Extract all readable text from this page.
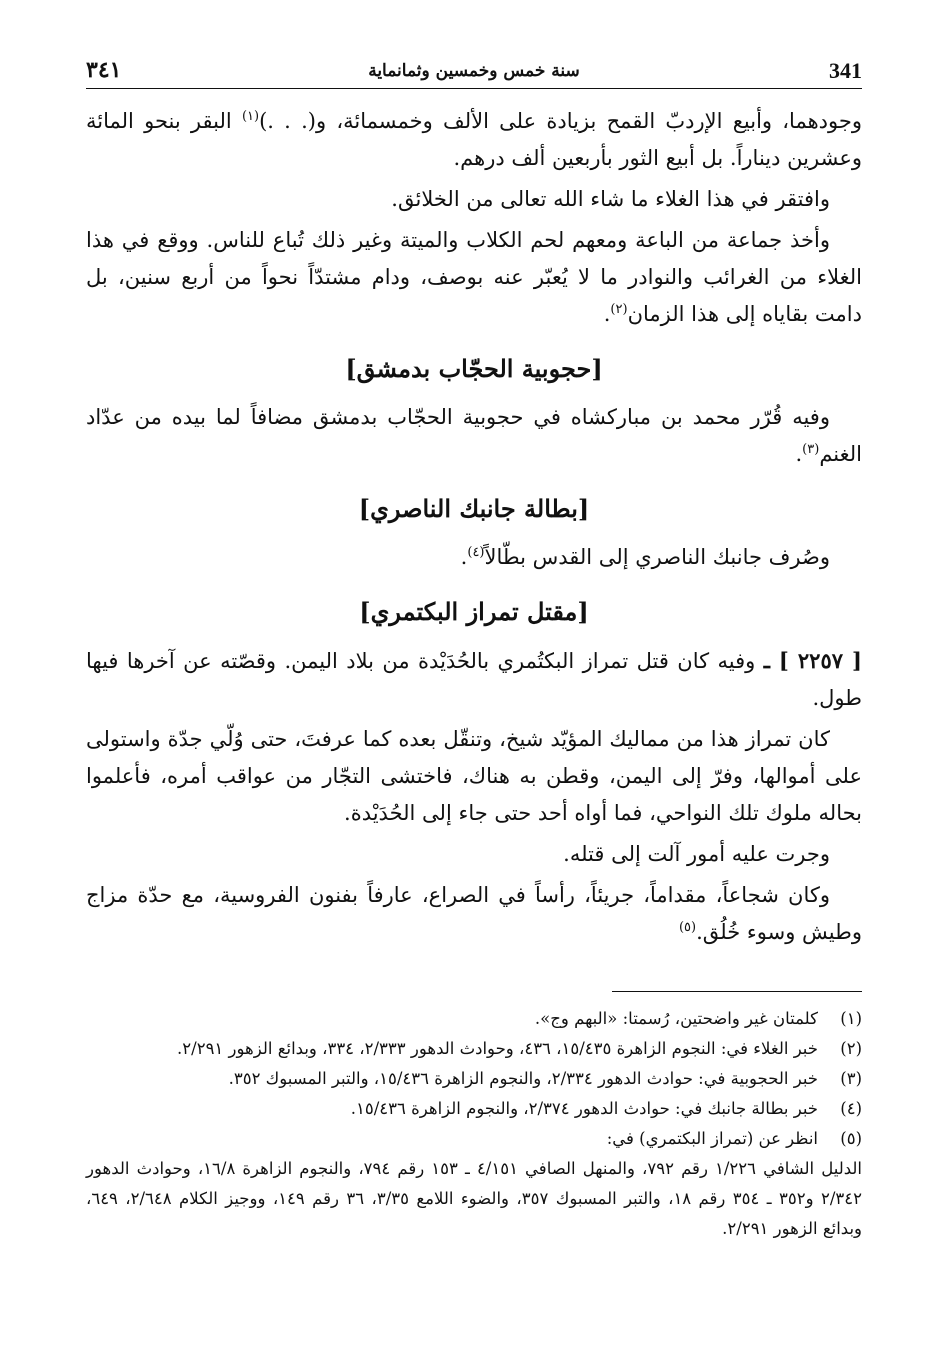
341
سنة خمس وخمسين وثمانماية
٣٤١

وجودهما، وأبيع الإردبّ القمح بزيادة على الألف وخمسمائة، و(. . .)$^{(١)}$ البقر بنحو المائة وعشرين ديناراً. بل أبيع الثور بأربعين ألف درهم.

وافتقر في هذا الغلاء ما شاء الله تعالى من الخلائق.

وأخذ جماعة من الباعة ومعهم لحم الكلاب والميتة وغير ذلك تُباع للناس. ووقع في هذا الغلاء من الغرائب والنوادر ما لا يُعبّر عنه بوصف، ودام مشتدّاً نحواً من أربع سنين، بل دامت بقاياه إلى هذا الزمان$^{(٢)}$.

[حجوبية الحجّاب بدمشق]

وفيه قُرّر محمد بن مباركشاه في حجوبية الحجّاب بدمشق مضافاً لما بيده من عدّاد الغنم$^{(٣)}$.

[بطالة جانبك الناصري]

وصُرف جانبك الناصري إلى القدس بطّالاً$^{(٤)}$.

[مقتل تمراز البكتمري]

[ ٢٢٥٧ ] ـ وفيه كان قتل تمراز البكتُمري بالحُدَيْدة من بلاد اليمن. وقصّته عن آخرها فيها طول.

كان تمراز هذا من مماليك المؤيّد شيخ، وتنقّل بعده كما عرفتَ، حتى وُلّي جدّة واستولى على أموالها، وفرّ إلى اليمن، وقطن به هناك، فاختشى التجّار من عواقب أمره، فأعلموا بحاله ملوك تلك النواحي، فما أواه أحد حتى جاء إلى الحُدَيْدة.

وجرت عليه أمور آلت إلى قتله.

وكان شجاعاً، مقداماً، جريئاً، رأساً في الصراع، عارفاً بفنون الفروسية، مع حدّة مزاج وطيش وسوء خُلُق.$^{(٥)}$

(١)
كلمتان غير واضحتين، رُسمتا: «البهم وج».
(٢)
خبر الغلاء في: النجوم الزاهرة ١٥/٤٣٥، ٤٣٦، وحوادث الدهور ٢/٣٣٣، ٣٣٤، وبدائع الزهور ٢/٢٩١.
(٣)
خبر الحجوبية في: حوادث الدهور ٢/٣٣٤، والنجوم الزاهرة ١٥/٤٣٦، والتبر المسبوك ٣٥٢.
(٤)
خبر بطالة جانبك في: حوادث الدهور ٢/٣٧٤، والنجوم الزاهرة ١٥/٤٣٦.
(٥)
انظر عن (تمراز البكتمري) في:
الدليل الشافي ١/٢٢٦ رقم ٧٩٢، والمنهل الصافي ٤/١٥١ ـ ١٥٣ رقم ٧٩٤، والنجوم الزاهرة ١٦/٨، وحوادث الدهور ٢/٣٤٢ و٣٥٢ ـ ٣٥٤ رقم ١٨، والتبر المسبوك ٣٥٧، والضوء اللامع ٣/٣٥، ٣٦ رقم ١٤٩، ووجيز الكلام ٢/٦٤٨، ٦٤٩، وبدائع الزهور ٢/٢٩١.
